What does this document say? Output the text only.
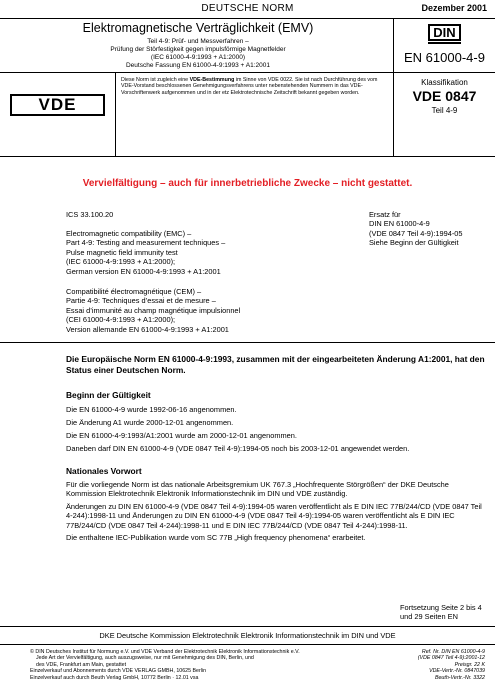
DEUTSCHE NORM	Dezember 2001
Elektromagnetische Verträglichkeit (EMV)
Teil 4-9: Prüf- und Messverfahren –
Prüfung der Störfestigkeit gegen impulsförmige Magnetfelder
(IEC 61000-4-9:1993 + A1:2000)
Deutsche Fassung EN 61000-4-9:1993 + A1:2001
DIN
EN 61000-4-9
VDE
Diese Norm ist zugleich eine VDE-Bestimmung im Sinne von VDE 0022. Sie ist nach Durchführung des vom VDE-Vorstand beschlossenen Genehmigungsverfahrens unter nebenstehenden Nummern in das VDE-Vorschriftenwerk aufgenommen und in der etz Elektrotechnische Zeitschrift bekannt gegeben worden.
Klassifikation
VDE 0847
Teil 4-9
Vervielfältigung – auch für innerbetriebliche Zwecke – nicht gestattet.
ICS 33.100.20
Electromagnetic compatibility (EMC) –
Part 4-9: Testing and measurement techniques –
Pulse magnetic field immunity test
(IEC 61000-4-9:1993 + A1:2000);
German version EN 61000-4-9:1993 + A1:2001
Compatibilité électromagnétique (CEM) –
Partie 4-9: Techniques d’essai et de mesure –
Essai d’immunité au champ magnétique impulsionnel
(CEI 61000-4-9:1993 + A1:2000);
Version allemande EN 61000-4-9:1993 + A1:2001
Ersatz für
DIN EN 61000-4-9
(VDE 0847 Teil 4-9):1994-05
Siehe Beginn der Gültigkeit
Die Europäische Norm EN 61000-4-9:1993, zusammen mit der eingearbeiteten Änderung A1:2001, hat den Status einer Deutschen Norm.
Beginn der Gültigkeit

Die EN 61000-4-9 wurde 1992-06-16 angenommen.

Die Änderung A1 wurde 2000-12-01 angenommen.

Die EN 61000-4-9:1993/A1:2001 wurde am 2000-12-01 angenommen.

Daneben darf DIN EN 61000-4-9 (VDE 0847 Teil 4-9):1994-05 noch bis 2003-12-01 angewendet werden.

Nationales Vorwort

Für die vorliegende Norm ist das nationale Arbeitsgremium UK 767.3 „Hochfrequente Störgrößen“ der DKE Deutsche Kommission Elektrotechnik Elektronik Informationstechnik im DIN und VDE zuständig.

Änderungen zu DIN EN 61000-4-9 (VDE 0847 Teil 4-9):1994-05 waren veröffentlicht als E DIN IEC 77B/244/CD (VDE 0847 Teil 4-244):1998-11 und Änderungen zu DIN EN 61000-4-9 (VDE 0847 Teil 4-9):1994-05 waren veröffentlicht als E DIN IEC 77B/244/CD (VDE 0847 Teil 4-244):1998-11 und E DIN IEC 77B/244/CD (VDE 0847 Teil 4-244):1998-11.

Die enthaltene IEC-Publikation wurde vom SC 77B „High frequency phenomena“ erarbeitet.

Fortsetzung Seite 2 bis 4
und 29 Seiten EN
DKE Deutsche Kommission Elektrotechnik Elektronik Informationstechnik im DIN und VDE
© DIN Deutsches Institut für Normung e.V. und VDE Verband der Elektrotechnik Elektronik Informationstechnik e.V.
Jede Art der Vervielfältigung, auch auszugsweise, nur mit Genehmigung des DIN, Berlin, und
des VDE, Frankfurt am Main, gestattet
Einzelverkauf und Abonnements durch VDE VERLAG GMBH, 10625 Berlin
Einzelverkauf auch durch Beuth Verlag GmbH, 10772 Berlin · 12.01 vsa
Ref. Nr. DIN EN 61000-4-9
(VDE 0847 Teil 4-9):2001-12
Preisgr. 22 K
VDE-Vertr.-Nr. 0847039
Beuth-Vertr.-Nr. 3322
